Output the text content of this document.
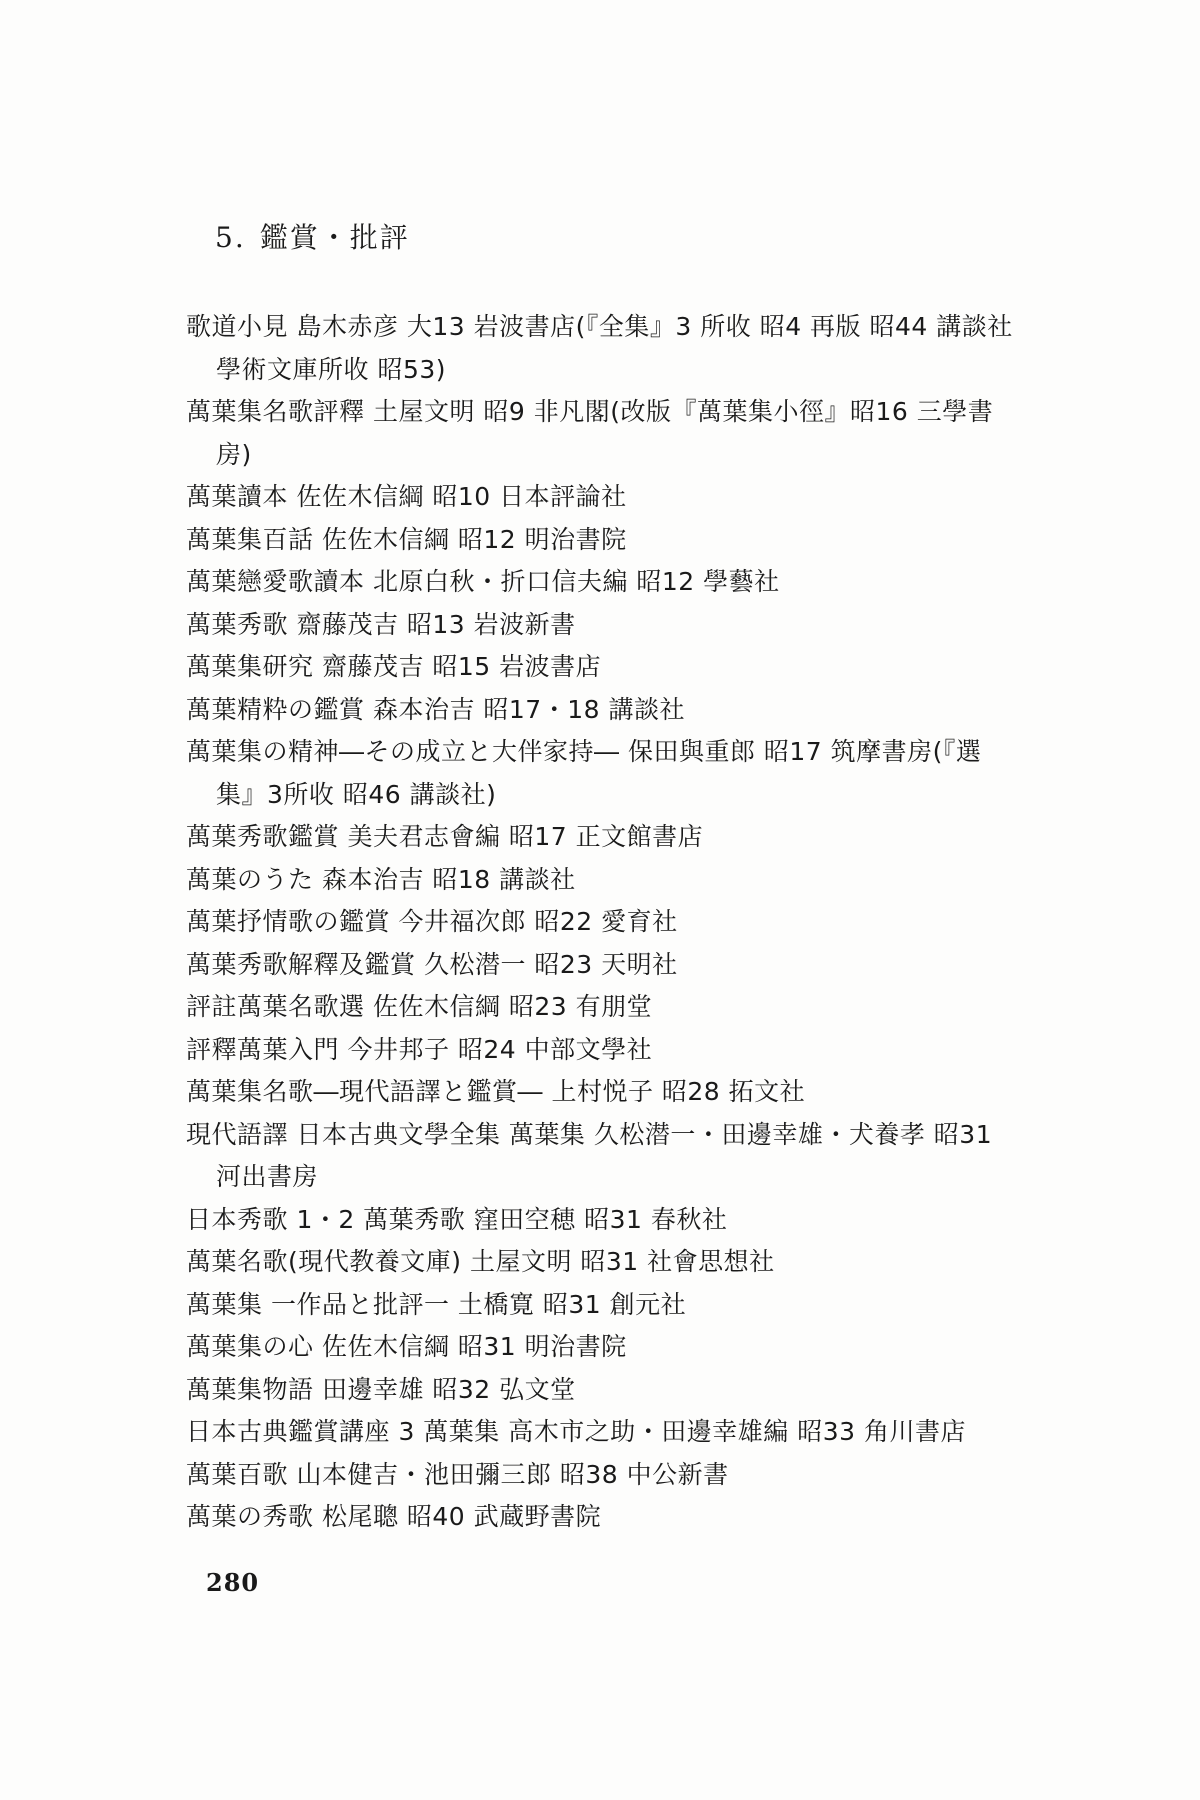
5. 鑑賞・批評
歌道小見 島木赤彦 大13 岩波書店(『全集』3 所收 昭4 再版 昭44 講談社學術文庫所收 昭53)
萬葉集名歌評釋 土屋文明 昭9 非凡閣(改版『萬葉集小徑』昭16 三學書房)
萬葉讀本 佐佐木信綱 昭10 日本評論社
萬葉集百話 佐佐木信綱 昭12 明治書院
萬葉戀愛歌讀本 北原白秋・折口信夫編 昭12 學藝社
萬葉秀歌 齋藤茂吉 昭13 岩波新書
萬葉集研究 齋藤茂吉 昭15 岩波書店
萬葉精粋の鑑賞 森本治吉 昭17・18 講談社
萬葉集の精神―その成立と大伴家持― 保田與重郎 昭17 筑摩書房(『選集』3所收 昭46 講談社)
萬葉秀歌鑑賞 美夫君志會編 昭17 正文館書店
萬葉のうた 森本治吉 昭18 講談社
萬葉抒情歌の鑑賞 今井福次郎 昭22 愛育社
萬葉秀歌解釋及鑑賞 久松潜一 昭23 天明社
評註萬葉名歌選 佐佐木信綱 昭23 有朋堂
評釋萬葉入門 今井邦子 昭24 中部文學社
萬葉集名歌―現代語譯と鑑賞― 上村悦子 昭28 拓文社
現代語譯 日本古典文學全集 萬葉集 久松潜一・田邊幸雄・犬養孝 昭31 河出書房
日本秀歌 1・2 萬葉秀歌 窪田空穂 昭31 春秋社
萬葉名歌(現代教養文庫) 土屋文明 昭31 社會思想社
萬葉集 一作品と批評一 土橋寛 昭31 創元社
萬葉集の心 佐佐木信綱 昭31 明治書院
萬葉集物語 田邊幸雄 昭32 弘文堂
日本古典鑑賞講座 3 萬葉集 高木市之助・田邊幸雄編 昭33 角川書店
萬葉百歌 山本健吉・池田彌三郎 昭38 中公新書
萬葉の秀歌 松尾聰 昭40 武蔵野書院
280
